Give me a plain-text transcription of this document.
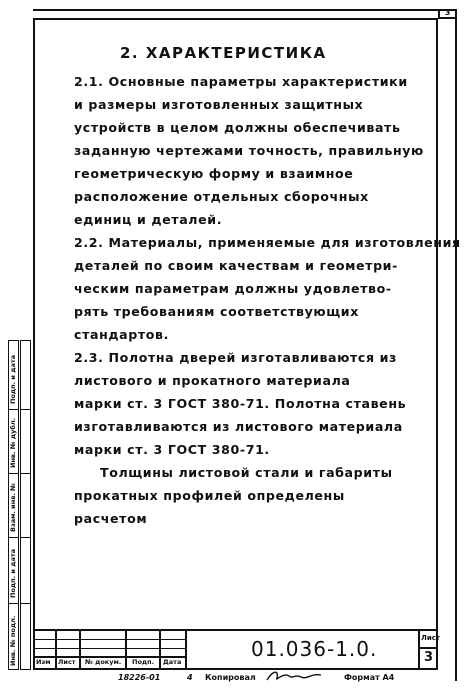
3
2. ХАРАКТЕРИСТИКА
2.1. Основные параметры характеристики
и размеры изготовленных защитных
устройств в целом должны обеспечивать
заданную чертежами точность, правильную
геометрическую форму и взаимное
расположение отдельных сборочных
единиц и деталей.
2.2. Материалы, применяемые для изготовления
деталей по своим качествам и геометри-
ческим параметрам должны удовлетво-
рять требованиям соответствующих
стандартов.
2.3. Полотна дверей изготавливаются из
листового и прокатного материала
марки ст. 3 ГОСТ 380-71. Полотна ставень
изготавливаются из листового материала
марки ст. 3 ГОСТ 380-71.
Толщины листовой стали и габариты
прокатных профилей определены
расчетом
Подп. и дата
Инв. № дубл.
Взам. инв. №
Подп. и дата
Инв. № подл.	Изм Лист № докум. Подп. Дата
01.036-1.0.	Лист
3
18226-01	4 Копировал	Формат А4
